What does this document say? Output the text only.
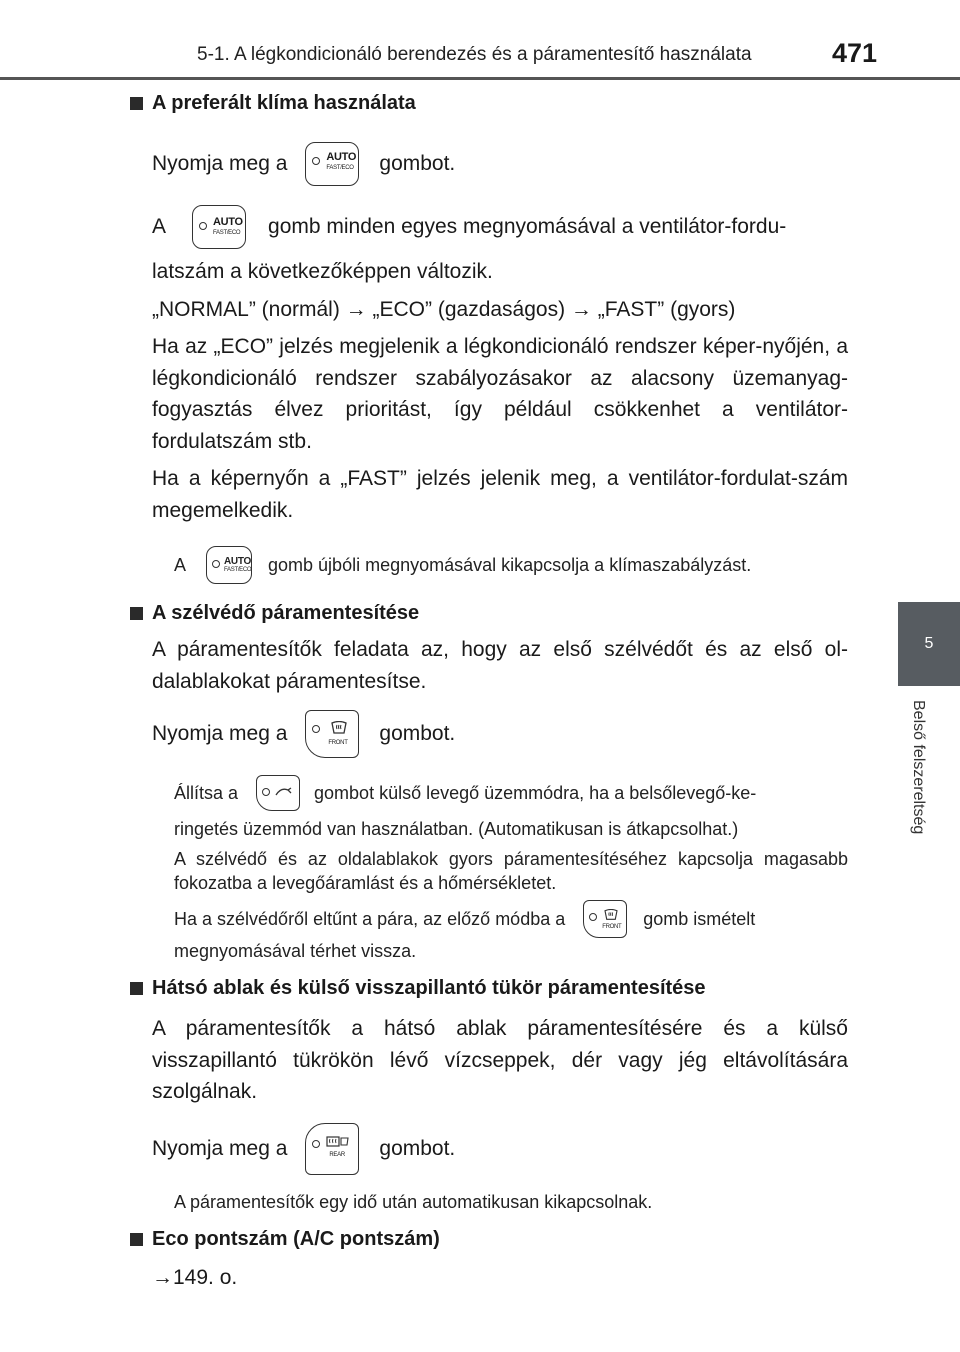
5-1. A légkondicionáló berendezés és a páramentesítő használata	471
5
Belső felszereltség
A preferált klíma használata
Nyomja meg a	AUTO
FAST/ECO gombot.
A	AUTO
FAST/ECO gomb minden egyes megnyomásával a ventilátor-fordu-

latszám a következőképpen változik.

„NORMAL” (normál) → „ECO” (gazdaságos) → „FAST” (gyors)

Ha az „ECO” jelzés megjelenik a légkondicionáló rendszer képer-nyőjén, a légkondicionáló rendszer szabályozásakor az alacsony üzemanyag-fogyasztás élvez prioritást, így például csökkenhet a ventilátor-fordulatszám stb.

Ha a képernyőn a „FAST” jelzés jelenik meg, a ventilátor-fordulat-szám megemelkedik.

A	AUTO
FAST/ECO gomb újbóli megnyomásával kikapcsolja a klímaszabályzást.
A szélvédő páramentesítése

A páramentesítők feladata az, hogy az első szélvédőt és az első ol-dalablakokat páramentesítse.

Nyomja meg a	FRONT gombot.
Állítsa a	gombot külső levegő üzemmódra, ha a belsőlevegő-ke-

ringetés üzemmód van használatban. (Automatikusan is átkapcsolhat.)

A szélvédő és az oldalablakok gyors páramentesítéséhez kapcsolja magasabb fokozatba a levegőáramlást és a hőmérsékletet.

Ha a szélvédőről eltűnt a pára, az előző módba a	FRONT gomb ismételt

megnyomásával térhet vissza.

Hátsó ablak és külső visszapillantó tükör páramentesítése

A páramentesítők a hátsó ablak páramentesítésére és a külső visszapillantó tükrökön lévő vízcseppek, dér vagy jég eltávolítására szolgálnak.

Nyomja meg a	REAR gombot.

A páramentesítők egy idő után automatikusan kikapcsolnak.

Eco pontszám (A/C pontszám)

→149. o.
